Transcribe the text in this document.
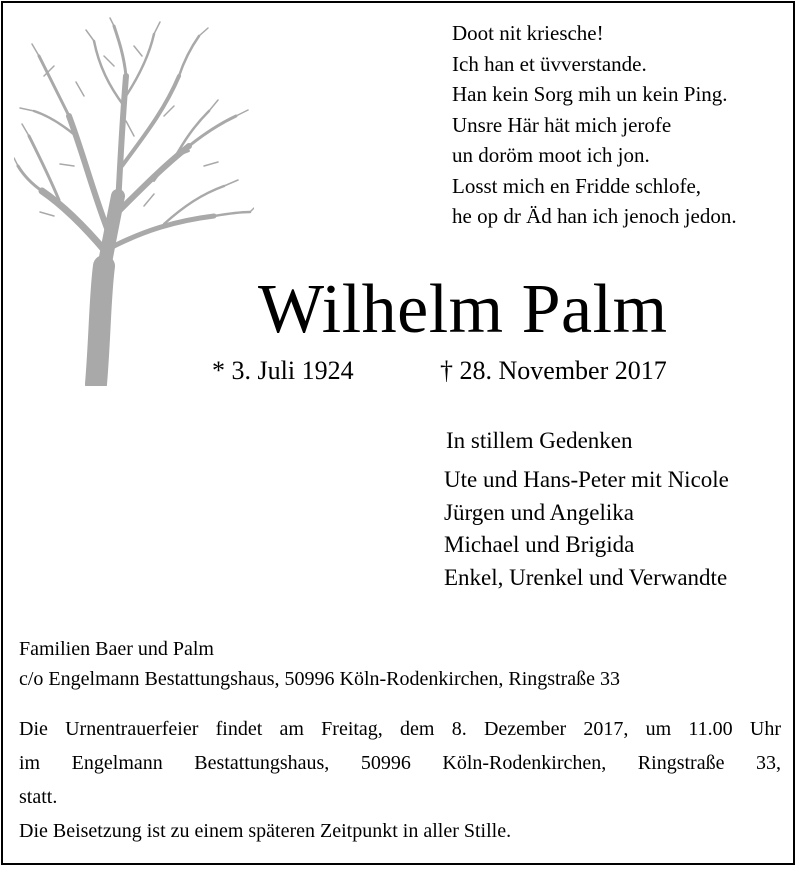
Doot nit kriesche!
Ich han et üvverstande.
Han kein Sorg mih un kein Ping.
Unsre Här hät mich jerofe
un doröm moot ich jon.
Losst mich en Fridde schlofe,
he op dr Äd han ich jenoch jedon.
Wilhelm Palm
* 3. Juli 1924	† 28. November 2017
In stillem Gedenken
Ute und Hans-Peter mit Nicole
Jürgen und Angelika
Michael und Brigida
Enkel, Urenkel und Verwandte
Familien Baer und Palm
c/o Engelmann Bestattungshaus, 50996 Köln-Rodenkirchen, Ringstraße 33
Die Urnentrauerfeier findet am Freitag, dem 8. Dezember 2017, um 11.00 Uhr
im Engelmann Bestattungshaus, 50996 Köln-Rodenkirchen, Ringstraße 33,
statt.
Die Beisetzung ist zu einem späteren Zeitpunkt in aller Stille.
